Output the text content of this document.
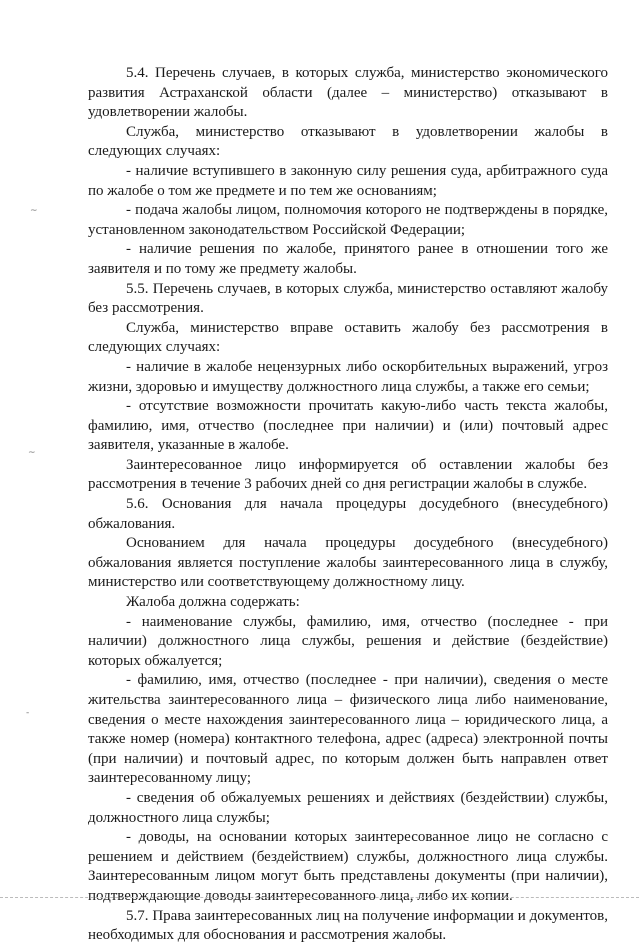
~
~
-

5.4. Перечень случаев, в которых служба, министерство экономического развития Астраханской области (далее – министерство) отказывают в удовлетворении жалобы.

Служба, министерство отказывают в удовлетворении жалобы в следующих случаях:

- наличие вступившего в законную силу решения суда, арбитражного суда по жалобе о том же предмете и по тем же основаниям;

- подача жалобы лицом, полномочия которого не подтверждены в порядке, установленном законодательством Российской Федерации;

- наличие решения по жалобе, принятого ранее в отношении того же заявителя и по тому же предмету жалобы.

5.5. Перечень случаев, в которых служба, министерство оставляют жалобу без рассмотрения.

Служба, министерство вправе оставить жалобу без рассмотрения в следующих случаях:

- наличие в жалобе нецензурных либо оскорбительных выражений, угроз жизни, здоровью и имуществу должностного лица службы, а также его семьи;

- отсутствие возможности прочитать какую-либо часть текста жалобы, фамилию, имя, отчество (последнее при наличии) и (или) почтовый адрес заявителя, указанные в жалобе.

Заинтересованное лицо информируется об оставлении жалобы без рассмотрения в течение 3 рабочих дней со дня регистрации жалобы в службе.

5.6. Основания для начала процедуры досудебного (внесудебного) обжалования.

Основанием для начала процедуры досудебного (внесудебного) обжалования является поступление жалобы заинтересованного лица в службу, министерство или соответствующему должностному лицу.

Жалоба должна содержать:

- наименование службы, фамилию, имя, отчество (последнее - при наличии) должностного лица службы, решения и действие (бездействие) которых обжалуется;

- фамилию, имя, отчество (последнее - при наличии), сведения о месте жительства заинтересованного лица – физического лица либо наименование, сведения о месте нахождения заинтересованного лица – юридического лица, а также номер (номера) контактного телефона, адрес (адреса) электронной почты (при наличии) и почтовый адрес, по которым должен быть направлен ответ заинтересованному лицу;

- сведения об обжалуемых решениях и действиях (бездействии) службы, должностного лица службы;

- доводы, на основании которых заинтересованное лицо не согласно с решением и действием (бездействием) службы, должностного лица службы. Заинтересованным лицом могут быть представлены документы (при наличии), подтверждающие доводы заинтересованного лица, либо их копии.

5.7. Права заинтересованных лиц на получение информации и документов, необходимых для обоснования и рассмотрения жалобы.
